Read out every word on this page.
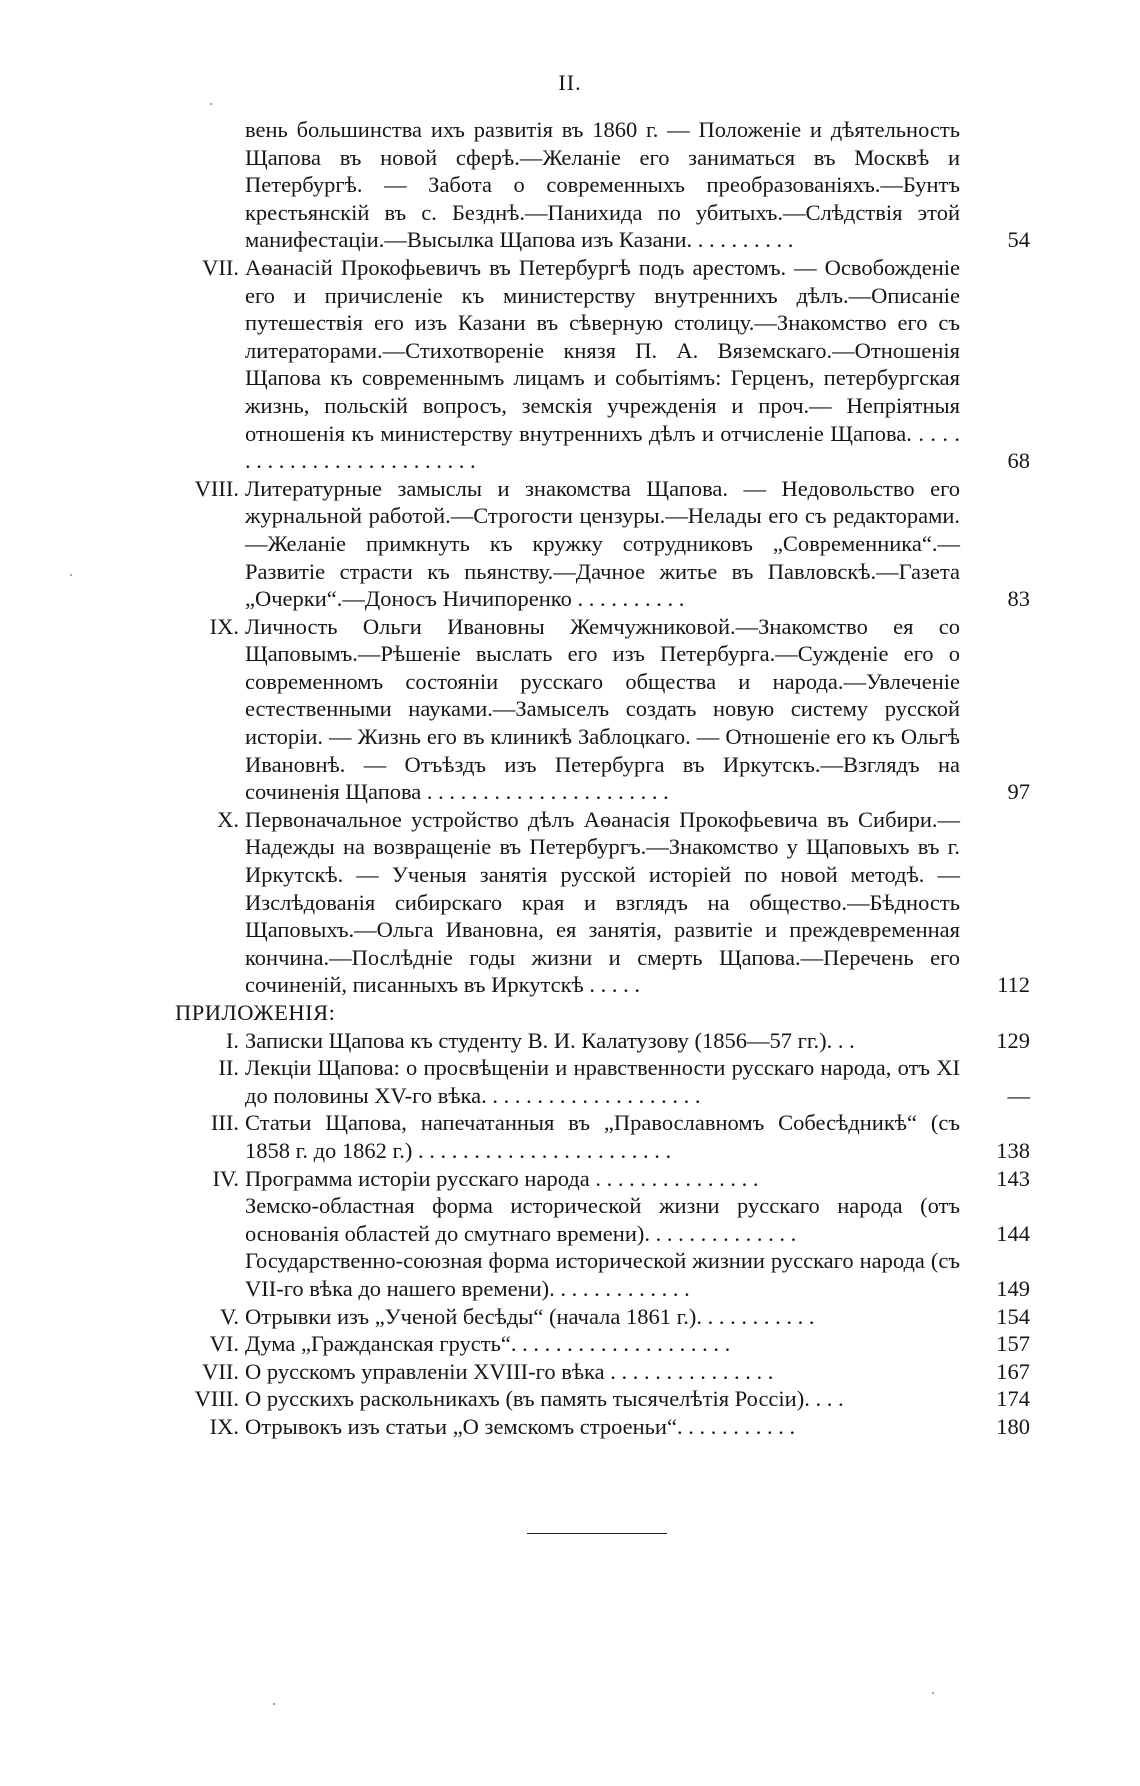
II.
вень большинства ихъ развитія въ 1860 г. — Положеніе и дѣятельность Щапова въ новой сферѣ.—Желаніе его заниматься въ Москвѣ и Петербургѣ. — Забота о современныхъ преобразованіяхъ.—Бунтъ крестьянскій въ с. Безднѣ.—Панихида по убитыхъ.—Слѣдствія этой манифестаціи.—Высылка Щапова изъ Казани. . . . . . . . . .	54
VII. Аѳанасій Прокофьевичъ въ Петербургѣ подъ арестомъ. — Освобожденіе его и причисленіе къ министерству внутреннихъ дѣлъ.—Описаніе путешествія его изъ Казани въ сѣверную столицу.—Знакомство его съ литераторами.—Стихотвореніе князя П. А. Вяземскаго.—Отношенія Щапова къ современнымъ лицамъ и событіямъ: Герценъ, петербургская жизнь, польскій вопросъ, земскія учрежденія и проч.— Непріятныя отношенія къ министерству внутреннихъ дѣлъ и отчисленіе Щапова. . . . . . . . . . . . . . . . . . . . . . . . . .	68
VIII. Литературные замыслы и знакомства Щапова. — Недовольство его журнальной работой.—Строгости цензуры.—Нелады его съ редакторами.—Желаніе примкнуть къ кружку сотрудниковъ „Современника“.— Развитіе страсти къ пьянству.—Дачное житье въ Павловскѣ.—Газета „Очерки“.—Доносъ Ничипоренко . . . . . . . . . .	83
IX. Личность Ольги Ивановны Жемчужниковой.—Знакомство ея со Щаповымъ.—Рѣшеніе выслать его изъ Петербурга.—Сужденіе его о современномъ состояніи русскаго общества и народа.—Увлеченіе естественными науками.—Замыселъ создать новую систему русской исторіи. — Жизнь его въ клиникѣ Заблоцкаго. — Отношеніе его къ Ольгѣ Ивановнѣ. — Отъѣздъ изъ Петербурга въ Иркутскъ.—Взглядъ на сочиненія Щапова . . . . . . . . . . . . . . . . . . . . . .	97
X. Первоначальное устройство дѣлъ Аѳанасія Прокофьевича въ Сибири.—Надежды на возвращеніе въ Петербургъ.—Знакомство у Щаповыхъ въ г. Иркутскѣ. — Ученыя занятія русской исторіей по новой методѣ. — Изслѣдованія сибирскаго края и взглядъ на общество.—Бѣдность Щаповыхъ.—Ольга Ивановна, ея занятія, развитіе и преждевременная кончина.—Послѣдніе годы жизни и смерть Щапова.—Перечень его сочиненій, писанныхъ въ Иркутскѣ . . . . .	112
ПРИЛОЖЕНІЯ:
I. Записки Щапова къ студенту В. И. Калатузову (1856—57 гг.). . .	129
II. Лекціи Щапова: о просвѣщеніи и нравственности русскаго народа, отъ XI до половины XV-го вѣка. . . . . . . . . . . . . . . . . . . .	—
III. Статьи Щапова, напечатанныя въ „Православномъ Собесѣдникѣ“ (съ 1858 г. до 1862 г.) . . . . . . . . . . . . . . . . . . . . . . .	138
IV. Программа исторіи русскаго народа . . . . . . . . . . . . . . .	143
Земско-областная форма исторической жизни русскаго народа (отъ основанія областей до смутнаго времени). . . . . . . . . . . . . .	144
Государственно-союзная форма исторической жизнии русскаго народа (съ VII-го вѣка до нашего времени). . . . . . . . . . . . .	149
V. Отрывки изъ „Ученой бесѣды“ (начала 1861 г.). . . . . . . . . . .	154
VI. Дума „Гражданская грусть“. . . . . . . . . . . . . . . . . . . .	157
VII. О русскомъ управленіи XVIII-го вѣка . . . . . . . . . . . . . . .	167
VIII. О русскихъ раскольникахъ (въ память тысячелѣтія Россіи). . . .	174
IX. Отрывокъ изъ статьи „О земскомъ строеньи“. . . . . . . . . . .	180
